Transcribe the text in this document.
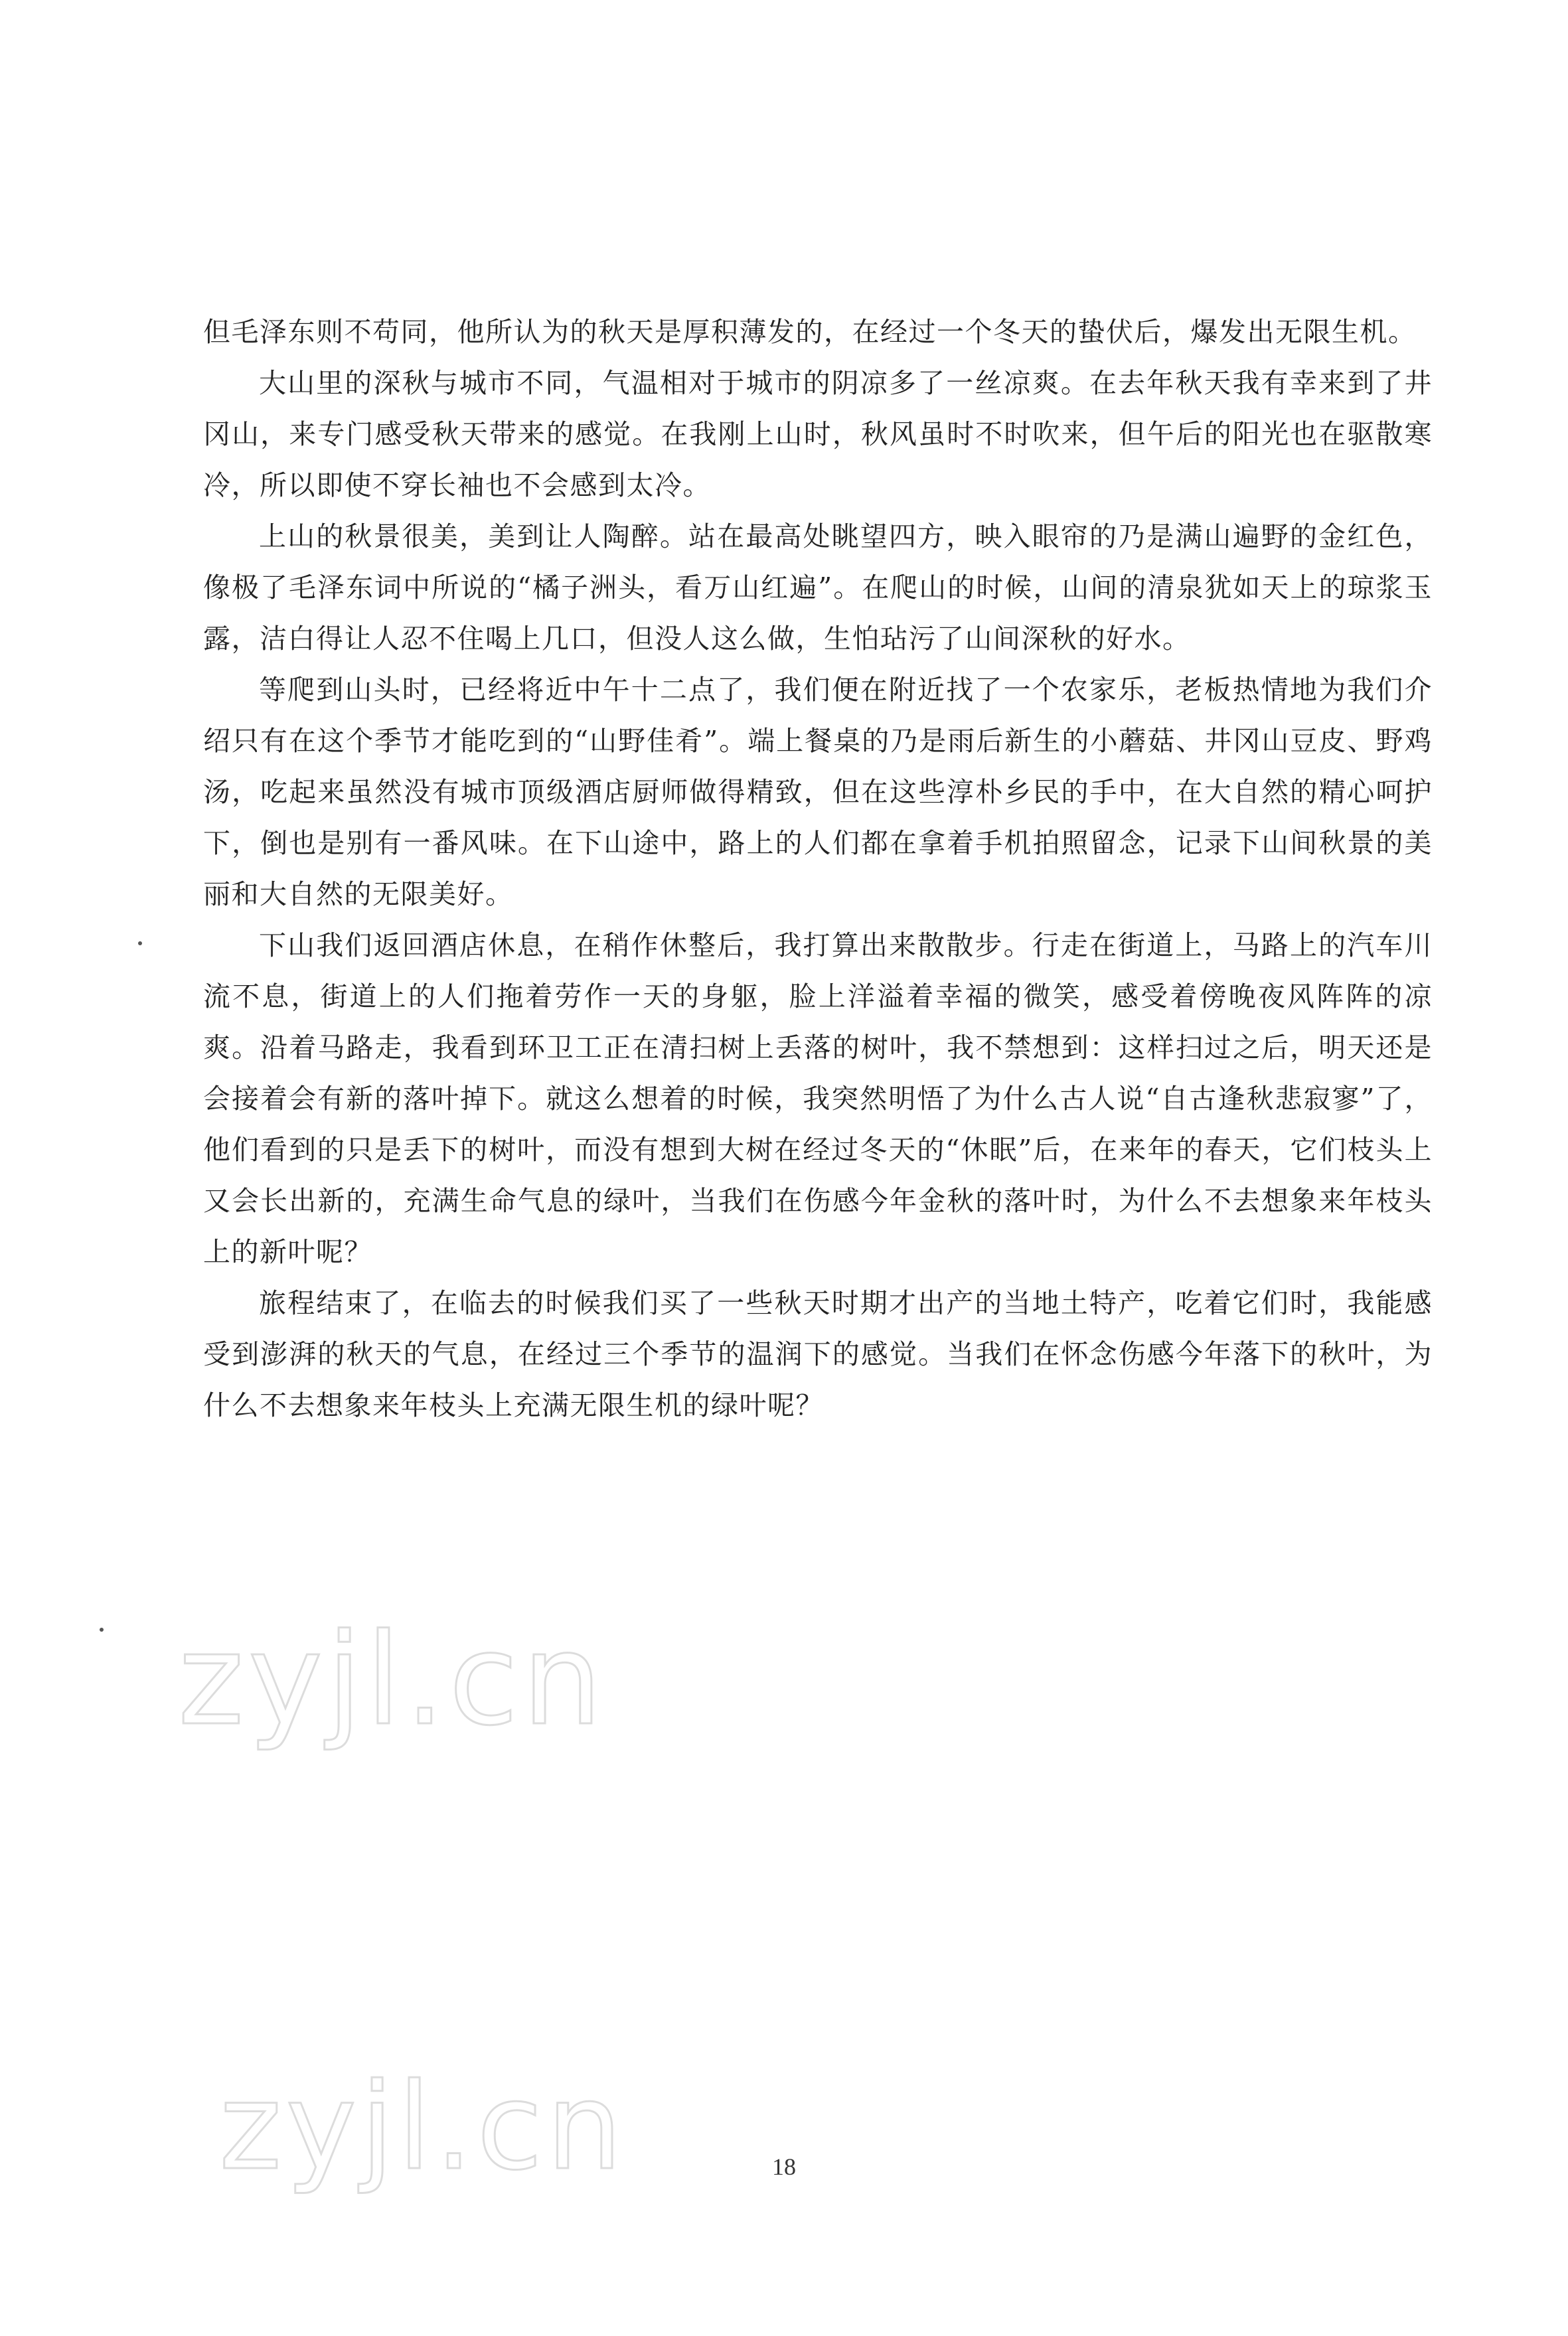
但毛泽东则不苟同，他所认为的秋天是厚积薄发的，在经过一个冬天的蛰伏后，爆发出无限生机。

大山里的深秋与城市不同，气温相对于城市的阴凉多了一丝凉爽。在去年秋天我有幸来到了井冈山，来专门感受秋天带来的感觉。在我刚上山时，秋风虽时不时吹来，但午后的阳光也在驱散寒冷，所以即使不穿长袖也不会感到太冷。

上山的秋景很美，美到让人陶醉。站在最高处眺望四方，映入眼帘的乃是满山遍野的金红色，像极了毛泽东词中所说的“橘子洲头，看万山红遍”。在爬山的时候，山间的清泉犹如天上的琼浆玉露，洁白得让人忍不住喝上几口，但没人这么做，生怕玷污了山间深秋的好水。

等爬到山头时，已经将近中午十二点了，我们便在附近找了一个农家乐，老板热情地为我们介绍只有在这个季节才能吃到的“山野佳肴”。端上餐桌的乃是雨后新生的小蘑菇、井冈山豆皮、野鸡汤，吃起来虽然没有城市顶级酒店厨师做得精致，但在这些淳朴乡民的手中，在大自然的精心呵护下，倒也是别有一番风味。在下山途中，路上的人们都在拿着手机拍照留念，记录下山间秋景的美丽和大自然的无限美好。

下山我们返回酒店休息，在稍作休整后，我打算出来散散步。行走在街道上，马路上的汽车川流不息，街道上的人们拖着劳作一天的身躯，脸上洋溢着幸福的微笑，感受着傍晚夜风阵阵的凉爽。沿着马路走，我看到环卫工正在清扫树上丢落的树叶，我不禁想到：这样扫过之后，明天还是会接着会有新的落叶掉下。就这么想着的时候，我突然明悟了为什么古人说“自古逢秋悲寂寥”了，他们看到的只是丢下的树叶，而没有想到大树在经过冬天的“休眠”后，在来年的春天，它们枝头上又会长出新的，充满生命气息的绿叶，当我们在伤感今年金秋的落叶时，为什么不去想象来年枝头上的新叶呢？

旅程结束了，在临去的时候我们买了一些秋天时期才出产的当地土特产，吃着它们时，我能感受到澎湃的秋天的气息，在经过三个季节的温润下的感觉。当我们在怀念伤感今年落下的秋叶，为什么不去想象来年枝头上充满无限生机的绿叶呢？

zyjl.cn
zyjl.cn	18
